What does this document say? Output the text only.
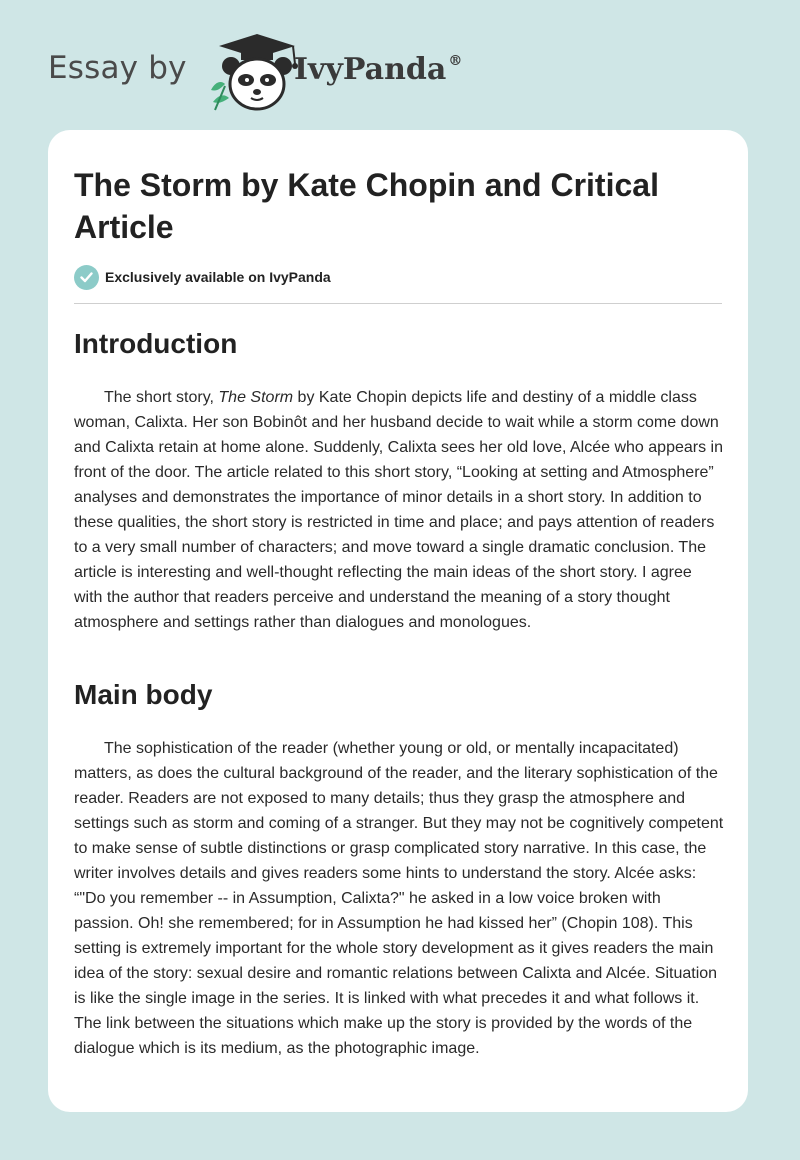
Essay by	IvyPanda ®
The Storm by Kate Chopin and Critical Article
Exclusively available on IvyPanda
Introduction

The short story, The Storm by Kate Chopin depicts life and destiny of a middle class woman, Calixta. Her son Bobinôt and her husband decide to wait while a storm come down and Calixta retain at home alone. Suddenly, Calixta sees her old love, Alcée who appears in front of the door. The article related to this short story, “Looking at setting and Atmosphere” analyses and demonstrates the importance of minor details in a short story. In addition to these qualities, the short story is restricted in time and place; and pays attention of readers to a very small number of characters; and move toward a single dramatic conclusion. The article is interesting and well-thought reflecting the main ideas of the short story. I agree with the author that readers perceive and understand the meaning of a story thought atmosphere and settings rather than dialogues and monologues.

Main body

The sophistication of the reader (whether young or old, or mentally incapacitated) matters, as does the cultural background of the reader, and the literary sophistication of the reader. Readers are not exposed to many details; thus they grasp the atmosphere and settings such as storm and coming of a stranger. But they may not be cognitively competent to make sense of subtle distinctions or grasp complicated story narrative. In this case, the writer involves details and gives readers some hints to understand the story. Alcée asks: “"Do you remember -- in Assumption, Calixta?" he asked in a low voice broken with passion. Oh! she remembered; for in Assumption he had kissed her” (Chopin 108). This setting is extremely important for the whole story development as it gives readers the main idea of the story: sexual desire and romantic relations between Calixta and Alcée. Situation is like the single image in the series. It is linked with what precedes it and what follows it. The link between the situations which make up the story is provided by the words of the dialogue which is its medium, as the photographic image.
